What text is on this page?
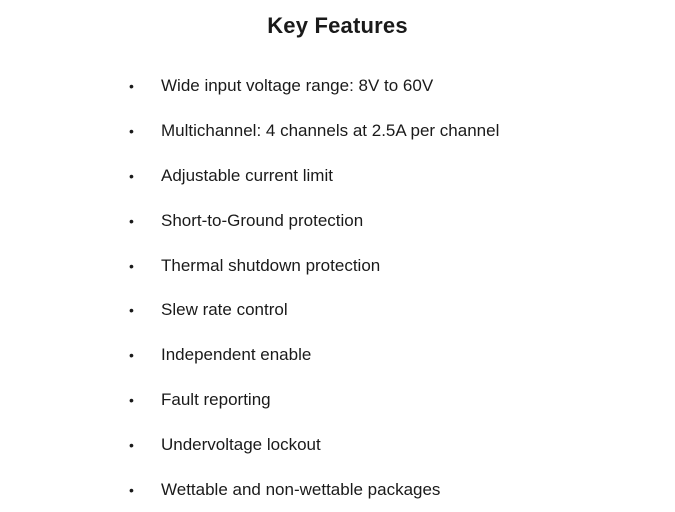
Key Features
•	Wide input voltage range: 8V to 60V
•	Multichannel: 4 channels at 2.5A per channel
•	Adjustable current limit
•	Short-to-Ground protection
•	Thermal shutdown protection
•	Slew rate control
•	Independent enable
•	Fault reporting
•	Undervoltage lockout
•	Wettable and non-wettable packages
